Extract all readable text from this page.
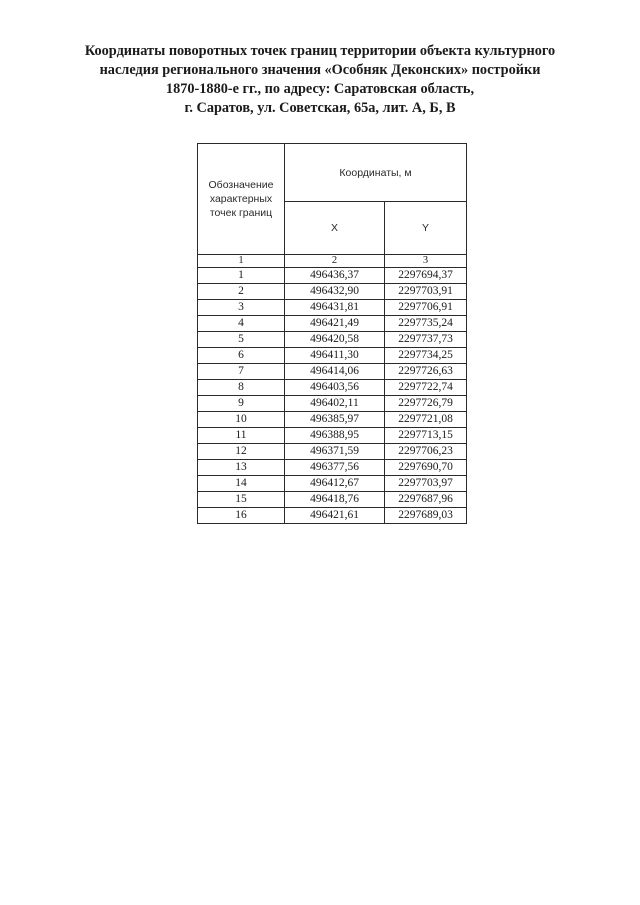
Координаты поворотных точек границ территории объекта культурного
наследия регионального значения «Особняк Деконских» постройки
1870-1880-е гг., по адресу: Саратовская область,
г. Саратов, ул. Советская, 65а, лит. А, Б, В
Обозначение характерных точек границ	Координаты, м	
	X	Y
1	2	3
1	496436,37	2297694,37
2	496432,90	2297703,91
3	496431,81	2297706,91
4	496421,49	2297735,24
5	496420,58	2297737,73
6	496411,30	2297734,25
7	496414,06	2297726,63
8	496403,56	2297722,74
9	496402,11	2297726,79
10	496385,97	2297721,08
11	496388,95	2297713,15
12	496371,59	2297706,23
13	496377,56	2297690,70
14	496412,67	2297703,97
15	496418,76	2297687,96
16	496421,61	2297689,03
